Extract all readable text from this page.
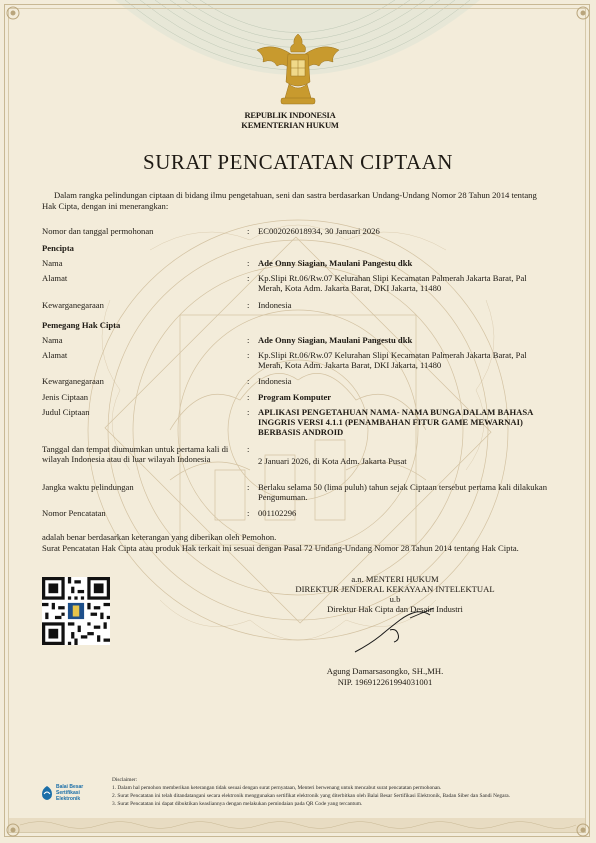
REPUBLIK INDONESIA
KEMENTERIAN HUKUM
SURAT PENCATATAN CIPTAAN
Dalam rangka pelindungan ciptaan di bidang ilmu pengetahuan, seni dan sastra berdasarkan Undang-Undang Nomor 28 Tahun 2014 tentang Hak Cipta, dengan ini menerangkan:
Nomor dan tanggal permohonan	: EC002026018934, 30 Januari 2026
Pencipta
Nama	: Ade Onny Siagian, Maulani Pangestu dkk
Alamat	: Kp.Slipi Rt.06/Rw.07 Kelurahan Slipi Kecamatan Palmerah Jakarta Barat, Pal Merah, Kota Adm. Jakarta Barat, DKI Jakarta, 11480
Kewarganegaraan	: Indonesia
Pemegang Hak Cipta
Nama	: Ade Onny Siagian, Maulani Pangestu dkk
Alamat	: Kp.Slipi Rt.06/Rw.07 Kelurahan Slipi Kecamatan Palmerah Jakarta Barat, Pal Merah, Kota Adm. Jakarta Barat, DKI Jakarta, 11480
Kewarganegaraan	: Indonesia
Jenis Ciptaan	: Program Komputer
Judul Ciptaan	: APLIKASI PENGETAHUAN NAMA- NAMA BUNGA DALAM BAHASA INGGRIS VERSI 4.1.1 (PENAMBAHAN FITUR GAME MEWARNAI) BERBASIS ANDROID
Tanggal dan tempat diumumkan untuk pertama kali di wilayah Indonesia atau di luar wilayah Indonesia
:
2 Januari 2026, di Kota Adm. Jakarta Pusat
Jangka waktu pelindungan	: Berlaku selama 50 (lima puluh) tahun sejak Ciptaan tersebut pertama kali dilakukan Pengumuman.
Nomor Pencatatan	: 001102296
adalah benar berdasarkan keterangan yang diberikan oleh Pemohon.
Surat Pencatatan Hak Cipta atau produk Hak terkait ini sesuai dengan Pasal 72 Undang-Undang Nomor 28 Tahun 2014 tentang Hak Cipta.
a.n. MENTERI HUKUM
DIREKTUR JENDERAL KEKAYAAN INTELEKTUAL
u.b
Direktur Hak Cipta dan Desain Industri
Agung Damarsasongko, SH.,MH.
NIP. 196912261994031001
Balai Besar
Sertifikasi
Elektronik
Disclaimer:
1. Dalam hal pemohon memberikan keterangan tidak sesuai dengan surat pernyataan, Menteri berwenang untuk mencabut surat pencatatan permohonan.
2. Surat Pencatatan ini telah ditandatangani secara elektronik menggunakan sertifikat elektronik yang diterbitkan oleh Balai Besar Sertifikasi Elektronik, Badan Siber dan Sandi Negara.
3. Surat Pencatatan ini dapat dibuktikan keasliannya dengan melakukan pemindaian pada QR Code yang tercantum.
